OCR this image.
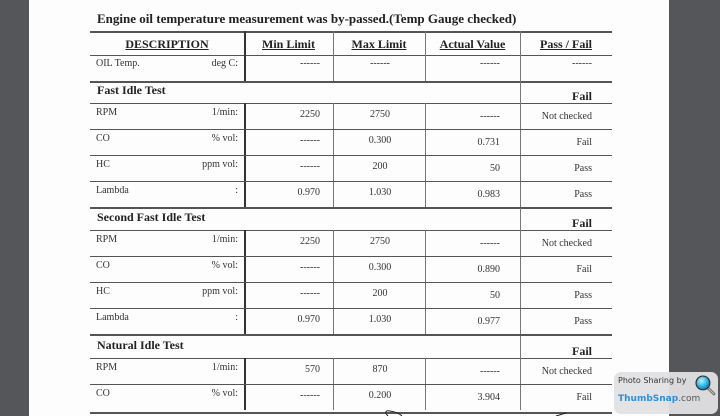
Engine oil temperature measurement was by-passed.(Temp Gauge checked)
DESCRIPTION	Min Limit	Max Limit	Actual Value	Pass / Fail
OIL Temp.	deg C:	------	------	------	------
Fast Idle Test	Fail
RPM	1/min:	2250	2750	------	Not checked
CO	% vol:	------	0.300	0.731	Fail
HC	ppm vol:	------	200	50	Pass
Lambda	:	0.970	1.030	0.983	Pass
Second Fast Idle Test	Fail
RPM	1/min:	2250	2750	------	Not checked
CO	% vol:	------	0.300	0.890	Fail
HC	ppm vol:	------	200	50	Pass
Lambda	:	0.970	1.030	0.977	Pass
Natural Idle Test	Fail
RPM	1/min:	570	870	------	Not checked
CO	% vol:	------	0.200	3.904	Fail
Photo Sharing by
ThumbSnap.com
